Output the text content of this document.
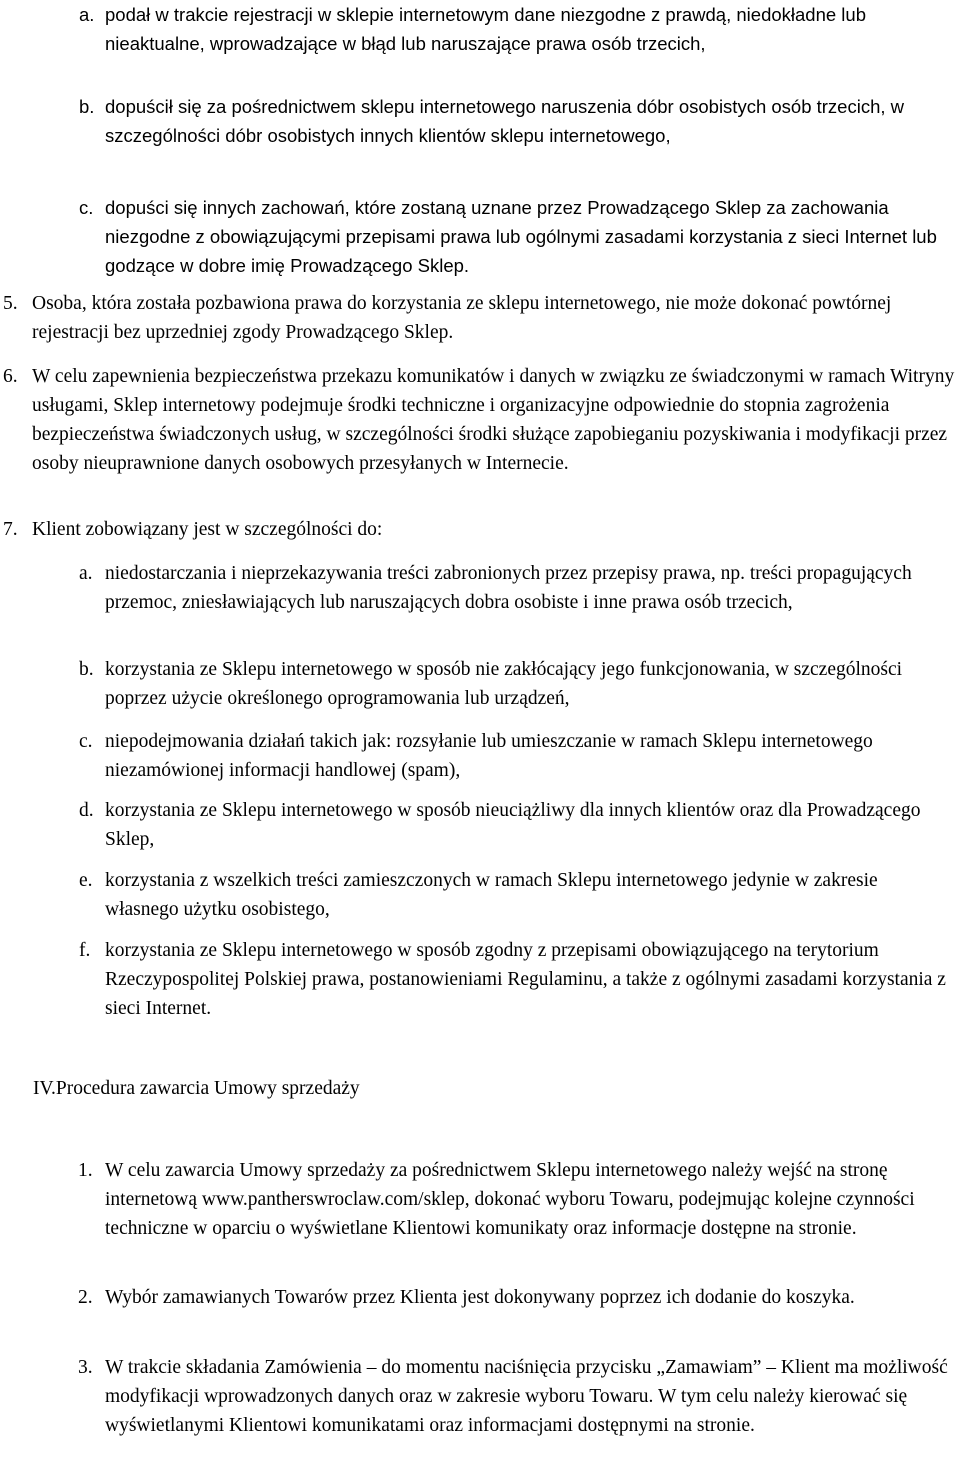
a. podał w trakcie rejestracji w sklepie internetowym dane niezgodne z prawdą, niedokładne lub nieaktualne, wprowadzające w błąd lub naruszające prawa osób trzecich,
b. dopuścił się za pośrednictwem sklepu internetowego naruszenia dóbr osobistych osób trzecich, w szczególności dóbr osobistych innych klientów sklepu internetowego,
c. dopuści się innych zachowań, które zostaną uznane przez Prowadzącego Sklep za zachowania niezgodne z obowiązującymi przepisami prawa lub ogólnymi zasadami korzystania z sieci Internet lub godzące w dobre imię Prowadzącego Sklep.
5. Osoba, która została pozbawiona prawa do korzystania ze sklepu internetowego, nie może dokonać powtórnej rejestracji bez uprzedniej zgody Prowadzącego Sklep.
6. W celu zapewnienia bezpieczeństwa przekazu komunikatów i danych w związku ze świadczonymi w ramach Witryny usługami, Sklep internetowy podejmuje środki techniczne i organizacyjne odpowiednie do stopnia zagrożenia bezpieczeństwa świadczonych usług, w szczególności środki służące zapobieganiu pozyskiwania i modyfikacji przez osoby nieuprawnione danych osobowych przesyłanych w Internecie.
7. Klient zobowiązany jest w szczególności do:
a. niedostarczania i nieprzekazywania treści zabronionych przez przepisy prawa, np. treści propagujących przemoc, zniesławiających lub naruszających dobra osobiste i inne prawa osób trzecich,
b. korzystania ze Sklepu internetowego w sposób nie zakłócający jego funkcjonowania, w szczególności poprzez użycie określonego oprogramowania lub urządzeń,
c. niepodejmowania działań takich jak: rozsyłanie lub umieszczanie w ramach Sklepu internetowego niezamówionej informacji handlowej (spam),
d. korzystania ze Sklepu internetowego w sposób nieuciążliwy dla innych klientów oraz dla Prowadzącego Sklep,
e. korzystania z wszelkich treści zamieszczonych w ramach Sklepu internetowego jedynie w zakresie własnego użytku osobistego,
f. korzystania ze Sklepu internetowego w sposób zgodny z przepisami obowiązującego na terytorium Rzeczypospolitej Polskiej prawa, postanowieniami Regulaminu, a także z ogólnymi zasadami korzystania z sieci Internet.
IV.Procedura zawarcia Umowy sprzedaży
1. W celu zawarcia Umowy sprzedaży za pośrednictwem Sklepu internetowego należy wejść na stronę internetową www.pantherswroclaw.com/sklep, dokonać wyboru Towaru, podejmując kolejne czynności techniczne w oparciu o wyświetlane Klientowi komunikaty oraz informacje dostępne na stronie.
2. Wybór zamawianych Towarów przez Klienta jest dokonywany poprzez ich dodanie do koszyka.
3. W trakcie składania Zamówienia – do momentu naciśnięcia przycisku „Zamawiam” – Klient ma możliwość modyfikacji wprowadzonych danych oraz w zakresie wyboru Towaru. W tym celu należy kierować się wyświetlanymi Klientowi komunikatami oraz informacjami dostępnymi na stronie.
